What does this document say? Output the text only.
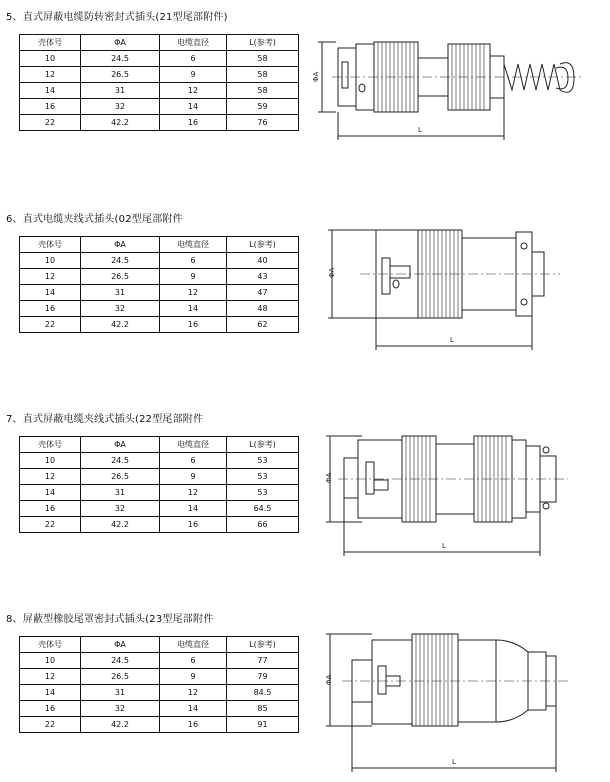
5、直式屏蔽电缆防转密封式插头(21型尾部附件)
壳体号	ΦA	电缆直径	L(参考)
10	24.5	6	58
12	26.5	9	58
14	31	12	58
16	32	14	59
22	42.2	16	76
ΦA
L
6、直式电缆夹线式插头(02型尾部附件
壳体号	ΦA	电缆直径	L(参考)
10	24.5	6	40
12	26.5	9	43
14	31	12	47
16	32	14	48
22	42.2	16	62
ΦA
L
7、直式屏蔽电缆夹线式插头(22型尾部附件
壳体号	ΦA	电缆直径	L(参考)
10	24.5	6	53
12	26.5	9	53
14	31	12	53
16	32	14	64.5
22	42.2	16	66
ΦA
L
8、屏蔽型橡胶尾罩密封式插头(23型尾部附件
壳体号	ΦA	电缆直径	L(参考)
10	24.5	6	77
12	26.5	9	79
14	31	12	84.5
16	32	14	85
22	42.2	16	91
ΦA
L
